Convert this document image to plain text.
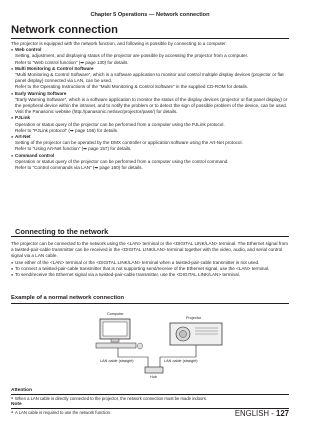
Chapter 5 Operations — Network connection
Network connection

The projector is equipped with the network function, and following is possible by connecting to a computer.

● Web control
Setting, adjustment, and displaying status of the projector are possible by accessing the projector from a computer.
Refer to “Web control function” (➡ page 130) for details.
● Multi Monitoring & Control Software
“Multi Monitoring & Control Software”, which is a software application to monitor and control multiple display devices (projector or flat panel display) connected via LAN, can be used.
Refer to the Operating Instructions of the “Multi Monitoring & Control Software” in the supplied CD-ROM for details.
● Early Warning Software
“Early Warning Software”, which is a software application to monitor the status of the display devices (projector or flat panel display) or the peripheral device within the intranet, and to notify the problem or to detect the sign of possible problem of the device, can be used.
Visit the Panasonic website (http://panasonic.net/avc/projector/pass/) for details.
● PJLink
Operation or status query of the projector can be performed from a computer using the PJLink protocol.
Refer to “PJLink protocol” (➡ page 156) for details.
● Art-Net
Setting of the projector can be operated by the DMX controller or application software using the Art-Net protocol.
Refer to “Using Art-Net function” (➡ page 157) for details.
● Command control
Operation or status query of the projector can be performed from a computer using the control command.
Refer to “Control commands via LAN” (➡ page 160) for details.
Connecting to the network

The projector can be connected to the network using the <LAN> terminal or the <DIGITAL LINK/LAN> terminal. The Ethernet signal from a twisted-pair-cable transmitter can be received in the <DIGITAL LINK/LAN> terminal together with the video, audio, and serial control signal via a LAN cable.

● Use either of the <LAN> terminal or the <DIGITAL LINK/LAN> terminal when a twisted-pair-cable transmitter is not used.
● To connect a twisted-pair-cable transmitter that is not supporting send/receive of the Ethernet signal, use the <LAN> terminal.
● To send/receive the Ethernet signal via a twisted-pair-cable transmitter, use the <DIGITAL LINK/LAN> terminal.
Example of a normal network connection
Computer
Projector
LAN cable (straight)	LAN cable (straight)
Hub
Attention
● When a LAN cable is directly connected to the projector, the network connection must be made indoors.
Note
● A LAN cable is required to use the network function.	ENGLISH - 127
